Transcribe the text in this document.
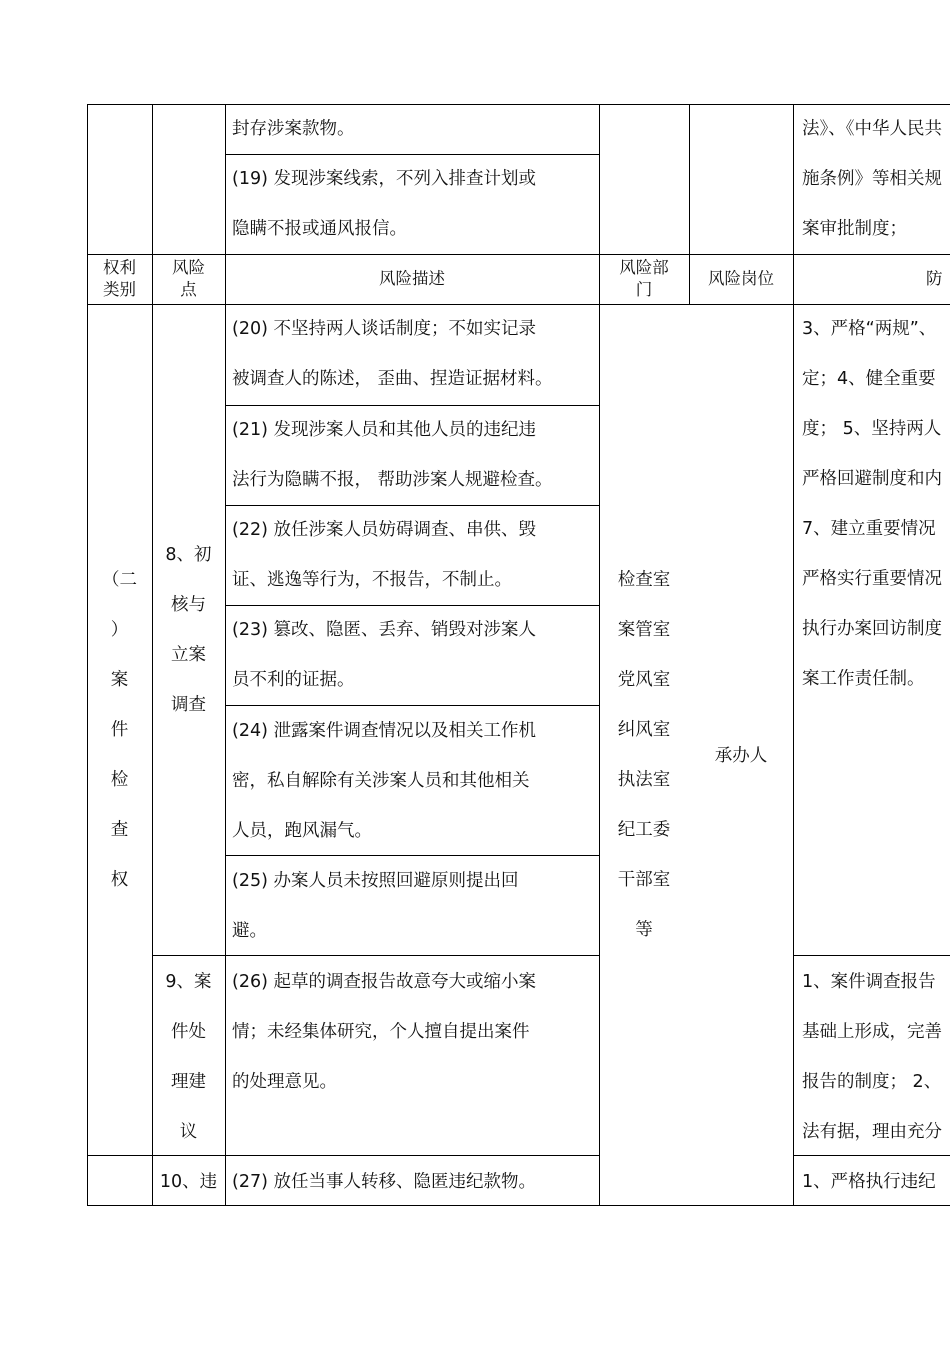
封存涉案款物。
(19) 发现涉案线索，不列入排查计划或
隐瞒不报或通风报信。
法》、《中华人民共
施条例》等相关规
案审批制度；
权利
类别
风险
点
风险描述
风险部
门
风险岗位	防
（二
）
案
件
检
查
权
8、初
核与
立案
调查
9、案
件处
理建
议
10、违
(20) 不坚持两人谈话制度；不如实记录
被调查人的陈述， 歪曲、捏造证据材料。
(21) 发现涉案人员和其他人员的违纪违
法行为隐瞒不报， 帮助涉案人规避检查。
(22) 放任涉案人员妨碍调查、串供、毁
证、逃逸等行为，不报告，不制止。
(23) 篡改、隐匿、丢弃、销毁对涉案人
员不利的证据。
(24) 泄露案件调查情况以及相关工作机
密，私自解除有关涉案人员和其他相关
人员，跑风漏气。
(25) 办案人员未按照回避原则提出回
避。
(26) 起草的调查报告故意夸大或缩小案
情；未经集体研究，个人擅自提出案件
的处理意见。
(27) 放任当事人转移、隐匿违纪款物。
检查室
案管室
党风室
纠风室
执法室
纪工委
干部室
等
承办人
3、严格“两规”、
定；4、健全重要
度； 5、坚持两人
严格回避制度和内
7、建立重要情况
严格实行重要情况
执行办案回访制度
案工作责任制。
1、案件调查报告
基础上形成，完善
报告的制度； 2、
法有据，理由充分
1、严格执行违纪
